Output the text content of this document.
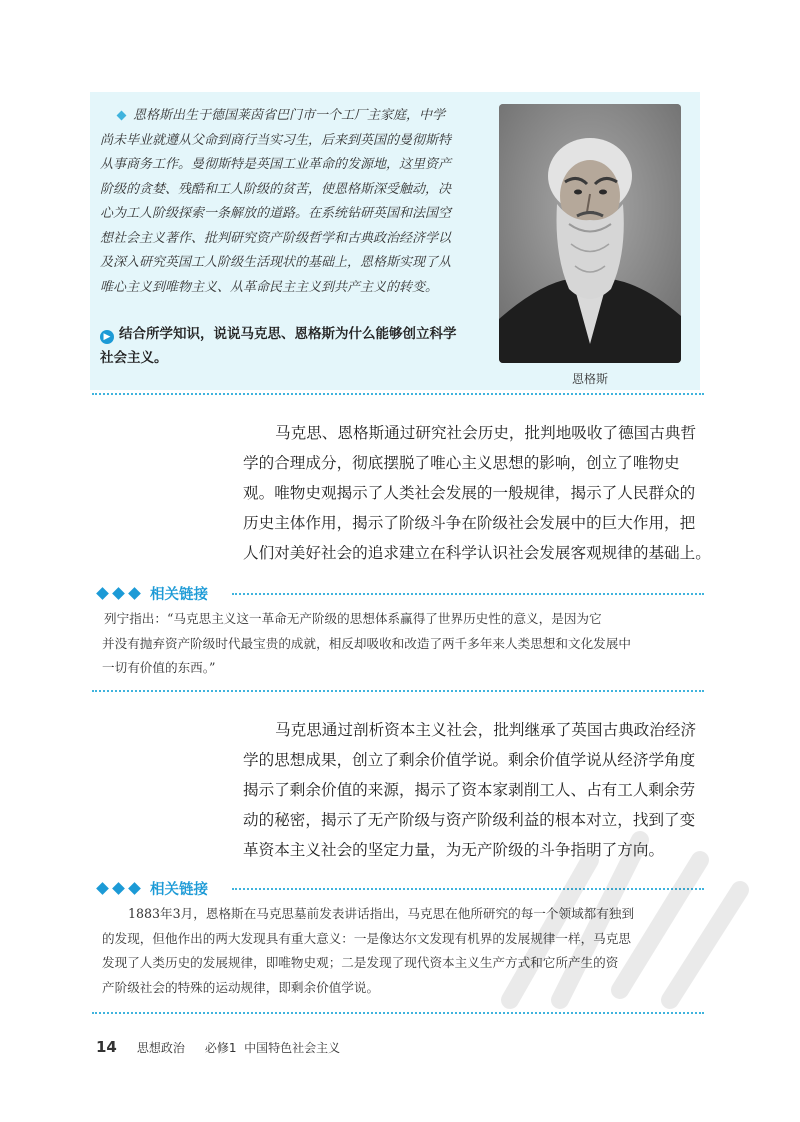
恩格斯出生于德国莱茵省巴门市一个工厂主家庭，中学
尚未毕业就遵从父命到商行当实习生，后来到英国的曼彻斯特
从事商务工作。曼彻斯特是英国工业革命的发源地，这里资产
阶级的贪婪、残酷和工人阶级的贫苦，使恩格斯深受触动，决
心为工人阶级探索一条解放的道路。在系统钻研英国和法国空
想社会主义著作、批判研究资产阶级哲学和古典政治经济学以
及深入研究英国工人阶级生活现状的基础上，恩格斯实现了从
唯心主义到唯物主义、从革命民主主义到共产主义的转变。
▶ 结合所学知识，说说马克思、恩格斯为什么能够创立科学
社会主义。
恩格斯
马克思、恩格斯通过研究社会历史，批判地吸收了德国古典哲
学的合理成分，彻底摆脱了唯心主义思想的影响，创立了唯物史
观。唯物史观揭示了人类社会发展的一般规律，揭示了人民群众的
历史主体作用，揭示了阶级斗争在阶级社会发展中的巨大作用，把
人们对美好社会的追求建立在科学认识社会发展客观规律的基础上。
相关链接
列宁指出：“马克思主义这一革命无产阶级的思想体系赢得了世界历史性的意义，是因为它
并没有抛弃资产阶级时代最宝贵的成就，相反却吸收和改造了两千多年来人类思想和文化发展中
一切有价值的东西。”
马克思通过剖析资本主义社会，批判继承了英国古典政治经济
学的思想成果，创立了剩余价值学说。剩余价值学说从经济学角度
揭示了剩余价值的来源，揭示了资本家剥削工人、占有工人剩余劳
动的秘密，揭示了无产阶级与资产阶级利益的根本对立，找到了变
革资本主义社会的坚定力量，为无产阶级的斗争指明了方向。
相关链接
1883年3月，恩格斯在马克思墓前发表讲话指出，马克思在他所研究的每一个领域都有独到
的发现，但他作出的两大发现具有重大意义：一是像达尔文发现有机界的发展规律一样，马克思
发现了人类历史的发展规律，即唯物史观；二是发现了现代资本主义生产方式和它所产生的资
产阶级社会的特殊的运动规律，即剩余价值学说。
14 思想政治 必修1 中国特色社会主义
